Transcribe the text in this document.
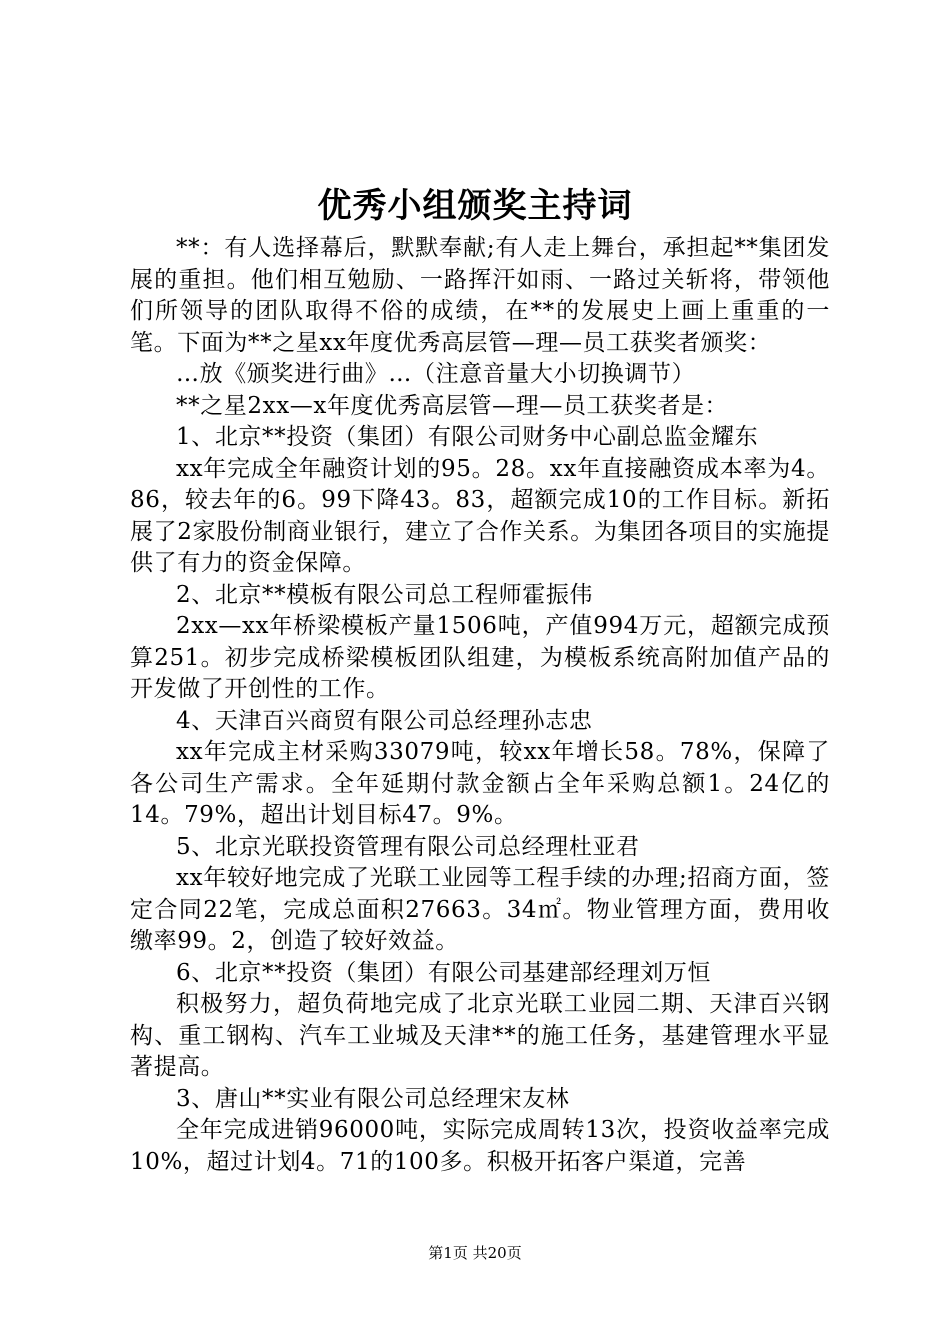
优秀小组颁奖主持词

**：有人选择幕后，默默奉献;有人走上舞台，承担起**集团发展的重担。他们相互勉励、一路挥汗如雨、一路过关斩将，带领他们所领导的团队取得不俗的成绩，在**的发展史上画上重重的一笔。下面为**之星xx年度优秀高层管—理—员工获奖者颁奖：

…放《颁奖进行曲》…（注意音量大小切换调节）

**之星2xx—x年度优秀高层管—理—员工获奖者是：

1、北京**投资（集团）有限公司财务中心副总监金耀东

xx年完成全年融资计划的95。28。xx年直接融资成本率为4。86，较去年的6。99下降43。83，超额完成10的工作目标。新拓展了2家股份制商业银行，建立了合作关系。为集团各项目的实施提供了有力的资金保障。

2、北京**模板有限公司总工程师霍振伟

2xx—xx年桥梁模板产量1506吨，产值994万元，超额完成预算251。初步完成桥梁模板团队组建，为模板系统高附加值产品的开发做了开创性的工作。

4、天津百兴商贸有限公司总经理孙志忠

xx年完成主材采购33079吨，较xx年增长58。78%，保障了各公司生产需求。全年延期付款金额占全年采购总额1。24亿的14。79%，超出计划目标47。9%。

5、北京光联投资管理有限公司总经理杜亚君

xx年较好地完成了光联工业园等工程手续的办理;招商方面，签定合同22笔，完成总面积27663。34㎡。物业管理方面，费用收缴率99。2，创造了较好效益。

6、北京**投资（集团）有限公司基建部经理刘万恒

积极努力，超负荷地完成了北京光联工业园二期、天津百兴钢构、重工钢构、汽车工业城及天津**的施工任务，基建管理水平显著提高。

3、唐山**实业有限公司总经理宋友林

全年完成进销96000吨，实际完成周转13次，投资收益率完成10%，超过计划4。71的100多。积极开拓客户渠道，完善

第1页 共20页
